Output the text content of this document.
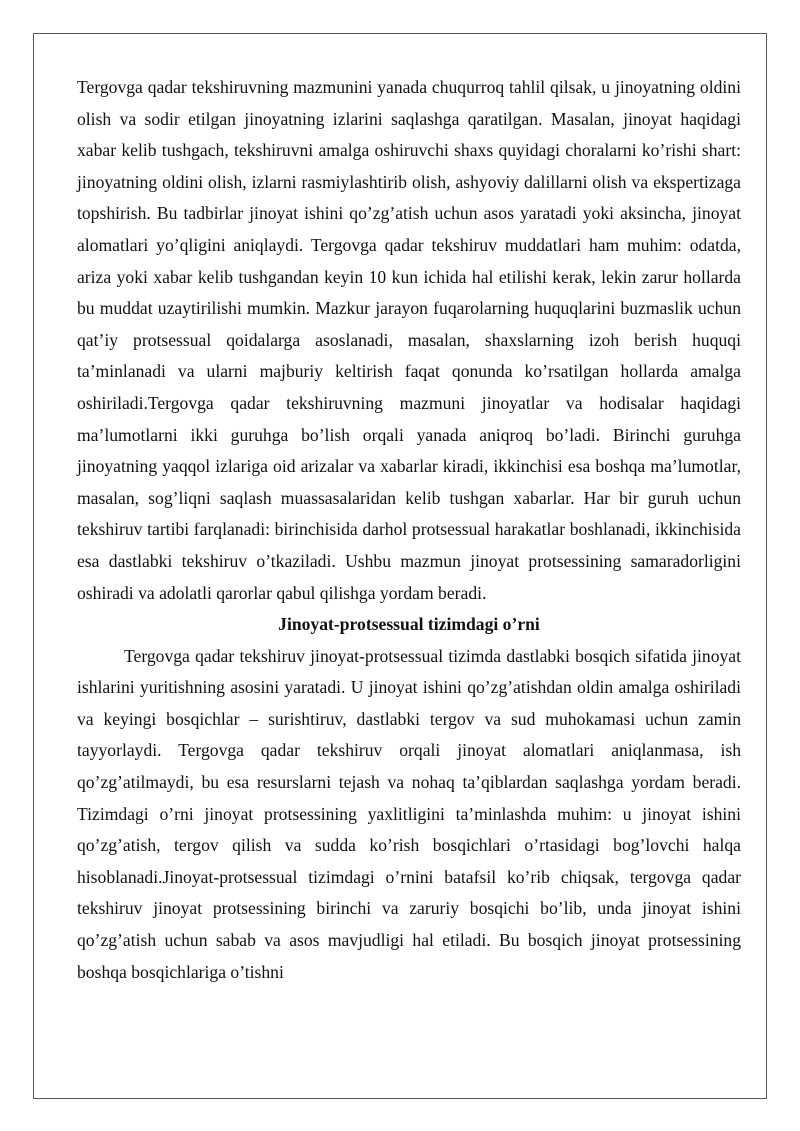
Tergovga qadar tekshiruvning mazmunini yanada chuqurroq tahlil qilsak, u jinoyatning oldini olish va sodir etilgan jinoyatning izlarini saqlashga qaratilgan. Masalan, jinoyat haqidagi xabar kelib tushgach, tekshiruvni amalga oshiruvchi shaxs quyidagi choralarni ko’rishi shart: jinoyatning oldini olish, izlarni rasmiylashtirib olish, ashyoviy dalillarni olish va ekspertizaga topshirish. Bu tadbirlar jinoyat ishini qo’zg’atish uchun asos yaratadi yoki aksincha, jinoyat alomatlari yo’qligini aniqlaydi. Tergovga qadar tekshiruv muddatlari ham muhim: odatda, ariza yoki xabar kelib tushgandan keyin 10 kun ichida hal etilishi kerak, lekin zarur hollarda bu muddat uzaytirilishi mumkin. Mazkur jarayon fuqarolarning huquqlarini buzmaslik uchun qat’iy protsessual qoidalarga asoslanadi, masalan, shaxslarning izoh berish huquqi ta’minlanadi va ularni majburiy keltirish faqat qonunda ko’rsatilgan hollarda amalga oshiriladi.Tergovga qadar tekshiruvning mazmuni jinoyatlar va hodisalar haqidagi ma’lumotlarni ikki guruhga bo’lish orqali yanada aniqroq bo’ladi. Birinchi guruhga jinoyatning yaqqol izlariga oid arizalar va xabarlar kiradi, ikkinchisi esa boshqa ma’lumotlar, masalan, sog’liqni saqlash muassasalaridan kelib tushgan xabarlar. Har bir guruh uchun tekshiruv tartibi farqlanadi: birinchisida darhol protsessual harakatlar boshlanadi, ikkinchisida esa dastlabki tekshiruv o’tkaziladi. Ushbu mazmun jinoyat protsessining samaradorligini oshiradi va adolatli qarorlar qabul qilishga yordam beradi.

Jinoyat-protsessual tizimdagi o’rni

Tergovga qadar tekshiruv jinoyat-protsessual tizimda dastlabki bosqich sifatida jinoyat ishlarini yuritishning asosini yaratadi. U jinoyat ishini qo’zg’atishdan oldin amalga oshiriladi va keyingi bosqichlar – surishtiruv, dastlabki tergov va sud muhokamasi uchun zamin tayyorlaydi. Tergovga qadar tekshiruv orqali jinoyat alomatlari aniqlanmasa, ish qo’zg’atilmaydi, bu esa resurslarni tejash va nohaq ta’qiblardan saqlashga yordam beradi. Tizimdagi o’rni jinoyat protsessining yaxlitligini ta’minlashda muhim: u jinoyat ishini qo’zg’atish, tergov qilish va sudda ko’rish bosqichlari o’rtasidagi bog’lovchi halqa hisoblanadi.Jinoyat-protsessual tizimdagi o’rnini batafsil ko’rib chiqsak, tergovga qadar tekshiruv jinoyat protsessining birinchi va zaruriy bosqichi bo’lib, unda jinoyat ishini qo’zg’atish uchun sabab va asos mavjudligi hal etiladi. Bu bosqich jinoyat protsessining boshqa bosqichlariga o’tishni
